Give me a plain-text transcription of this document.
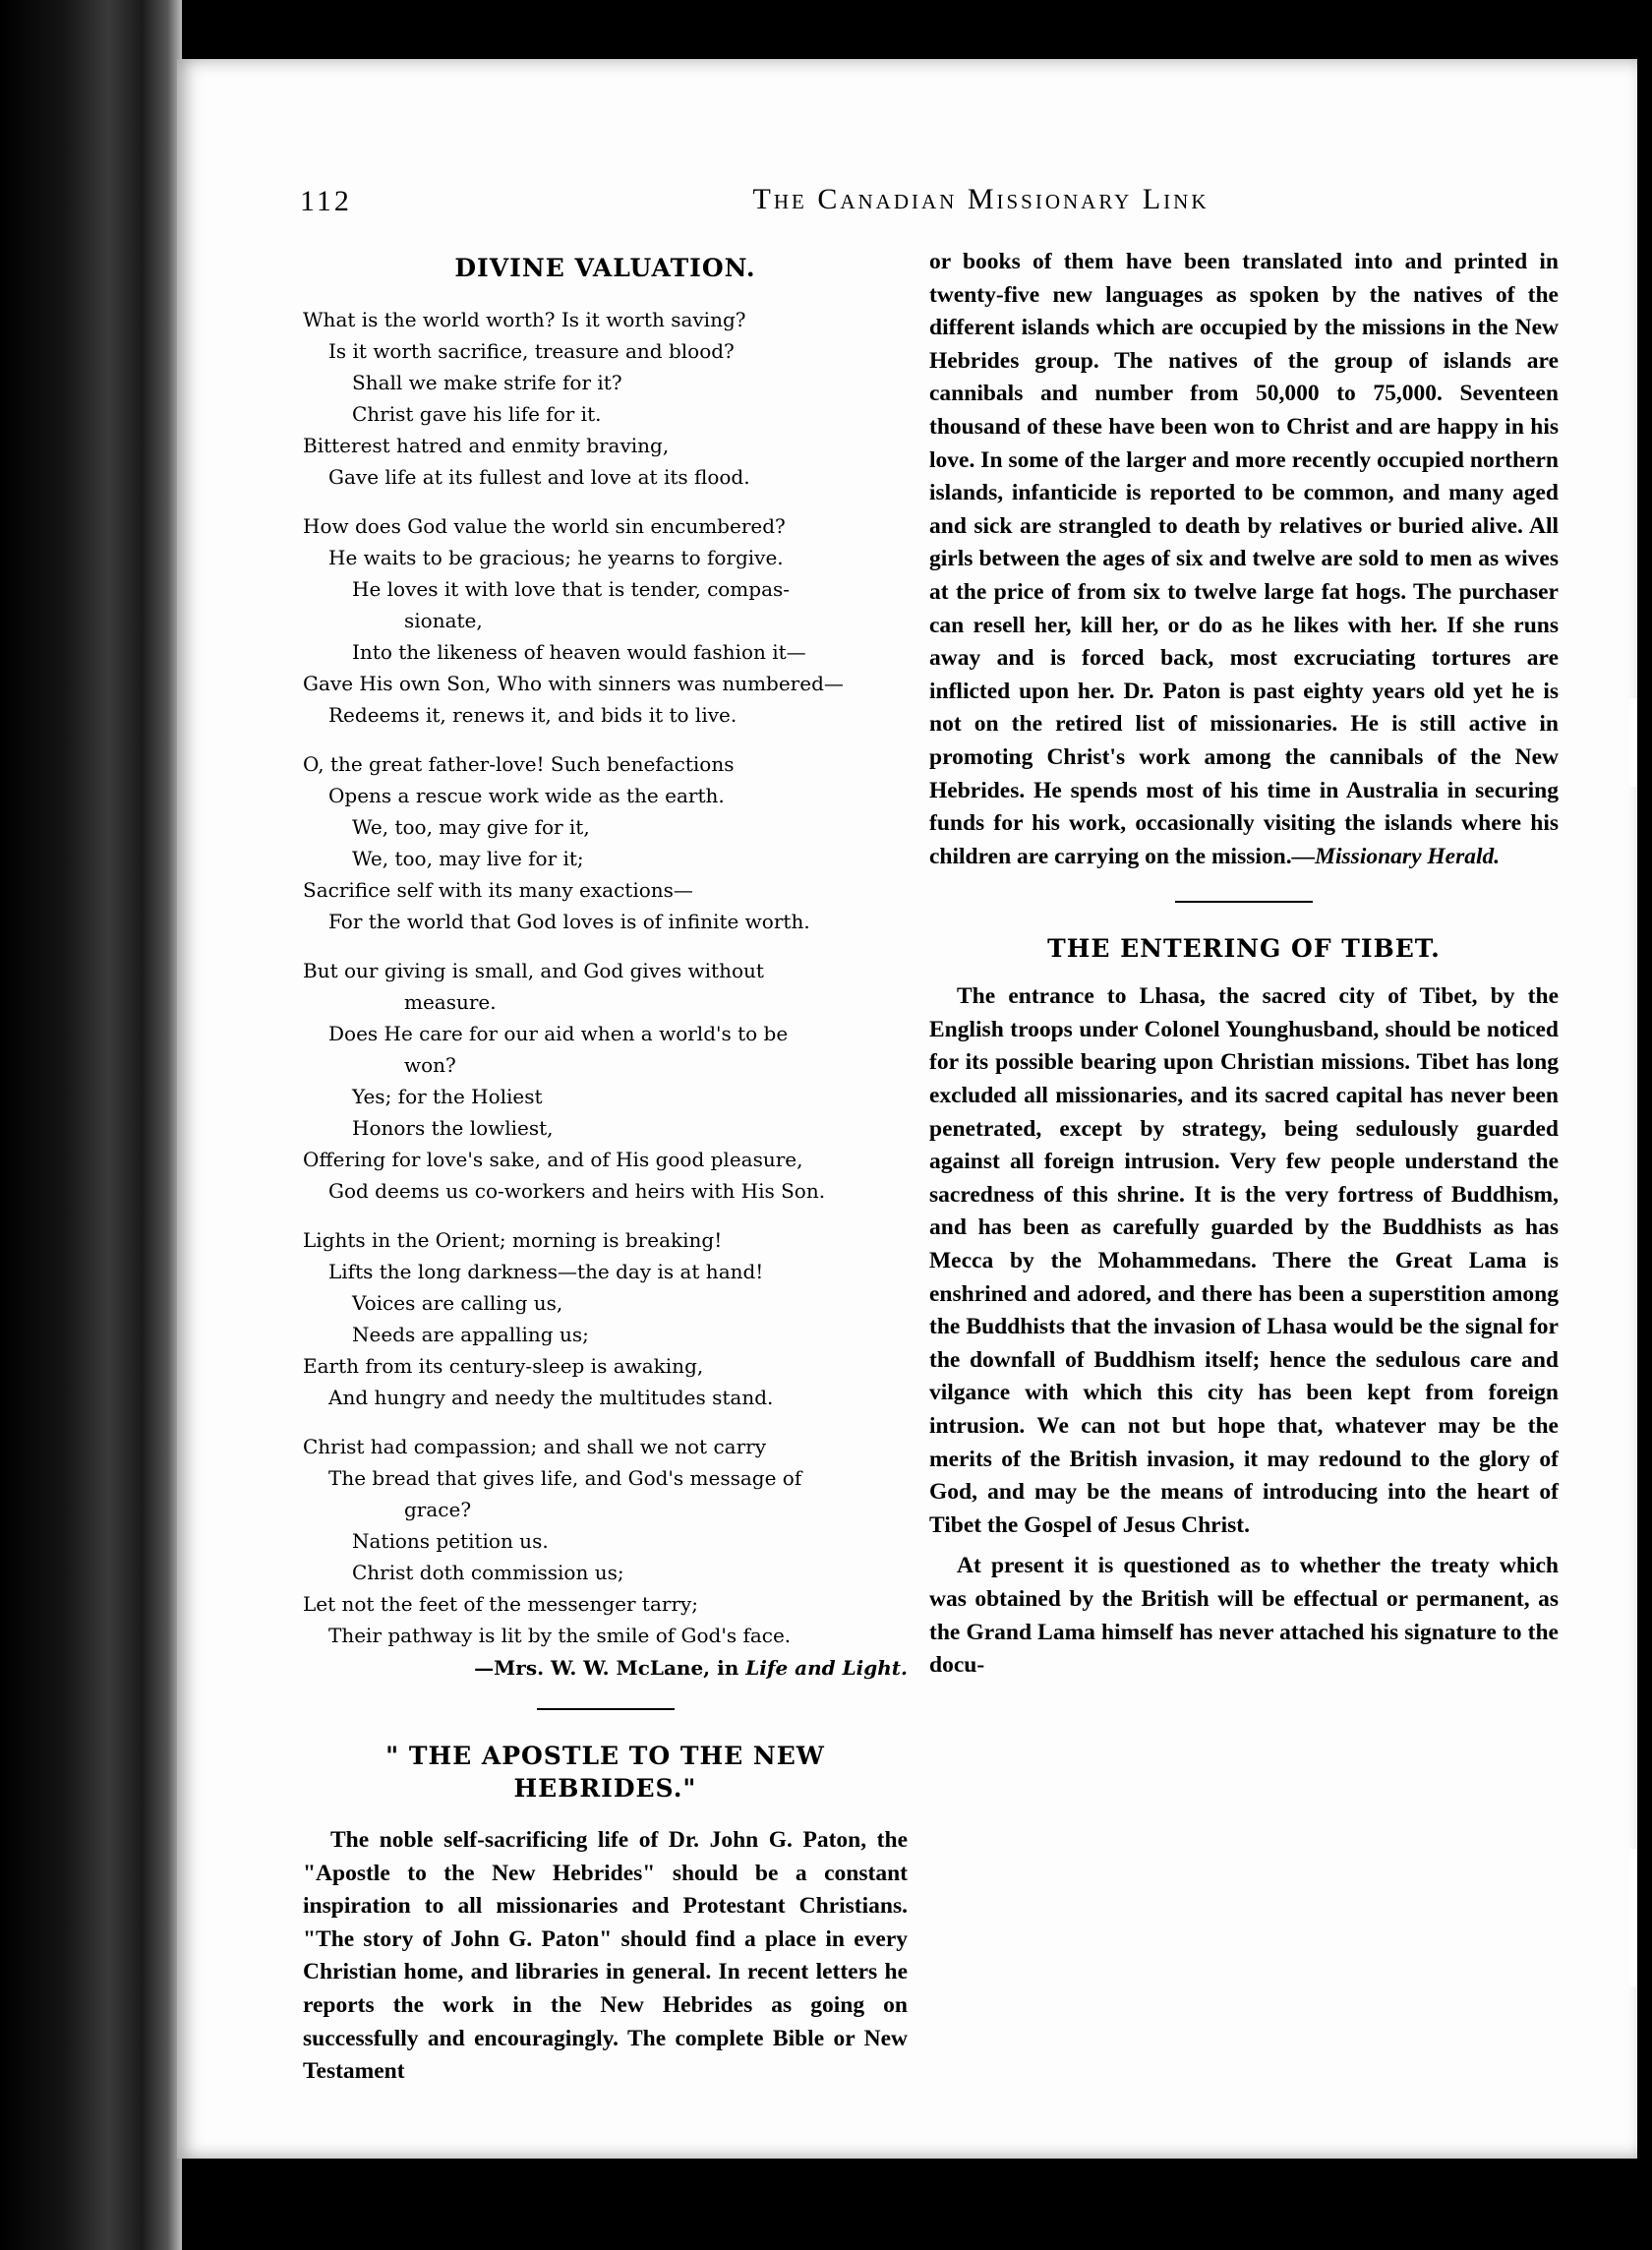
112	The Canadian Missionary Link
DIVINE VALUATION.
What is the world worth? Is it worth saving?
Is it worth sacrifice, treasure and blood?
Shall we make strife for it?
Christ gave his life for it.
Bitterest hatred and enmity braving,
Gave life at its fullest and love at its flood.
How does God value the world sin encumbered?
He waits to be gracious; he yearns to forgive.
He loves it with love that is tender, compas-
sionate,
Into the likeness of heaven would fashion it—
Gave His own Son, Who with sinners was numbered—
Redeems it, renews it, and bids it to live.
O, the great father-love! Such benefactions
Opens a rescue work wide as the earth.
We, too, may give for it,
We, too, may live for it;
Sacrifice self with its many exactions—
For the world that God loves is of infinite worth.
But our giving is small, and God gives without
measure.
Does He care for our aid when a world's to be
won?
Yes; for the Holiest
Honors the lowliest,
Offering for love's sake, and of His good pleasure,
God deems us co-workers and heirs with His Son.
Lights in the Orient; morning is breaking!
Lifts the long darkness—the day is at hand!
Voices are calling us,
Needs are appalling us;
Earth from its century-sleep is awaking,
And hungry and needy the multitudes stand.
Christ had compassion; and shall we not carry
The bread that gives life, and God's message of
grace?
Nations petition us.
Christ doth commission us;
Let not the feet of the messenger tarry;
Their pathway is lit by the smile of God's face.
—Mrs. W. W. McLane, in Life and Light.
" THE APOSTLE TO THE NEW HEBRIDES."

The noble self-sacrificing life of Dr. John G. Paton, the "Apostle to the New Hebrides" should be a constant inspiration to all missionaries and Protestant Christians. "The story of John G. Paton" should find a place in every Christian home, and libraries in general. In recent letters he reports the work in the New Hebrides as going on successfully and encouragingly. The complete Bible or New Testament

or books of them have been translated into and printed in twenty-five new languages as spoken by the natives of the different islands which are occupied by the missions in the New Hebrides group. The natives of the group of islands are cannibals and number from 50,000 to 75,000. Seventeen thousand of these have been won to Christ and are happy in his love. In some of the larger and more recently occupied northern islands, infanticide is reported to be common, and many aged and sick are strangled to death by relatives or buried alive. All girls between the ages of six and twelve are sold to men as wives at the price of from six to twelve large fat hogs. The purchaser can resell her, kill her, or do as he likes with her. If she runs away and is forced back, most excruciating tortures are inflicted upon her. Dr. Paton is past eighty years old yet he is not on the retired list of missionaries. He is still active in promoting Christ's work among the cannibals of the New Hebrides. He spends most of his time in Australia in securing funds for his work, occasionally visiting the islands where his children are carrying on the mission.—Missionary Herald.

THE ENTERING OF TIBET.

The entrance to Lhasa, the sacred city of Tibet, by the English troops under Colonel Younghusband, should be noticed for its possible bearing upon Christian missions. Tibet has long excluded all missionaries, and its sacred capital has never been penetrated, except by strategy, being sedulously guarded against all foreign intrusion. Very few people understand the sacredness of this shrine. It is the very fortress of Buddhism, and has been as carefully guarded by the Buddhists as has Mecca by the Mohammedans. There the Great Lama is enshrined and adored, and there has been a superstition among the Buddhists that the invasion of Lhasa would be the signal for the downfall of Buddhism itself; hence the sedulous care and vilgance with which this city has been kept from foreign intrusion. We can not but hope that, whatever may be the merits of the British invasion, it may redound to the glory of God, and may be the means of introducing into the heart of Tibet the Gospel of Jesus Christ.

At present it is questioned as to whether the treaty which was obtained by the British will be effectual or permanent, as the Grand Lama himself has never attached his signature to the docu-
